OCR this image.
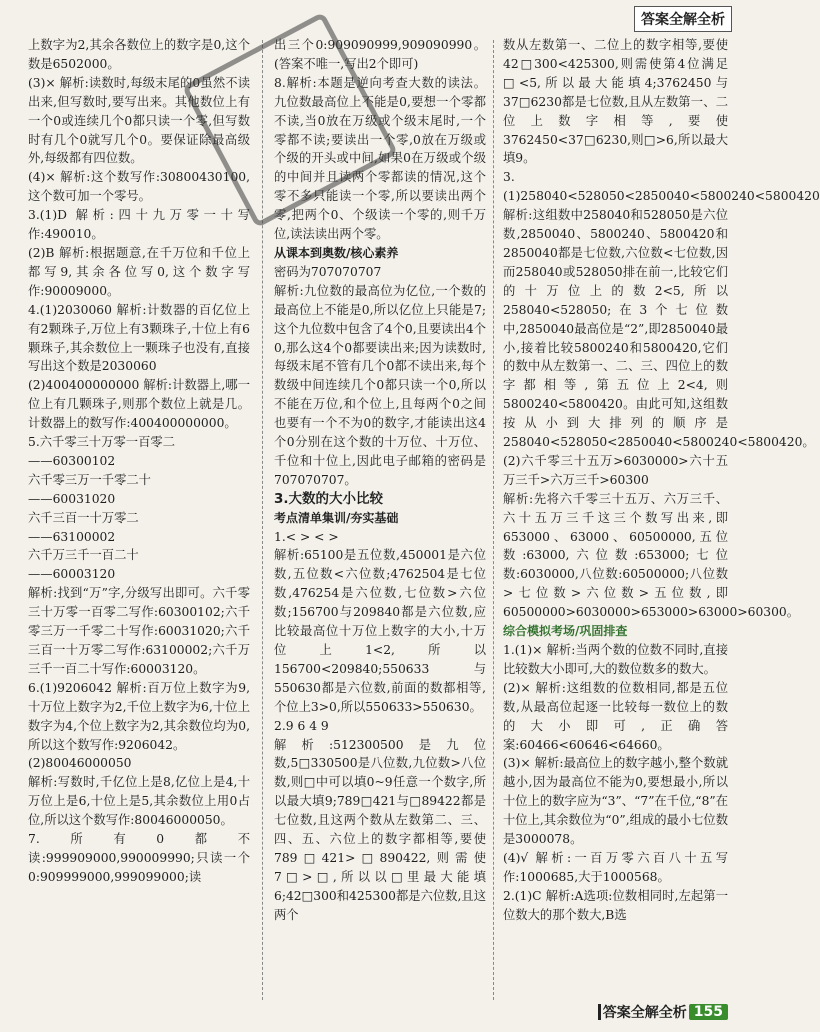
答案全解全析

上数字为2,其余各数位上的数字是0,这个数是6502000。

(3)× 解析:读数时,每级末尾的0虽然不读出来,但写数时,要写出来。其他数位上有一个0或连续几个0都只读一个零,但写数时有几个0就写几个0。要保证除最高级外,每级都有四位数。

(4)× 解析:这个数写作:30800430100,这个数可加一个零号。

3.(1)D 解析:四十九万零一十写作:490010。

(2)B 解析:根据题意,在千万位和千位上都写9,其余各位写0,这个数字写作:90009000。

4.(1)2030060 解析:计数器的百亿位上有2颗珠子,万位上有3颗珠子,十位上有6颗珠子,其余数位上一颗珠子也没有,直接写出这个数是2030060

(2)400400000000 解析:计数器上,哪一位上有几颗珠子,则那个数位上就是几。计数器上的数写作:400400000000。

5.六千零三十万零一百零二

——60300102

六千零三万一千零二十

——60031020

六千三百一十万零二

——63100002

六千万三千一百二十

——60003120

解析:找到“万”字,分级写出即可。六千零三十万零一百零二写作:60300102;六千零三万一千零二十写作:60031020;六千三百一十万零二写作:63100002;六千万三千一百二十写作:60003120。

6.(1)9206042 解析:百万位上数字为9,十万位上数字为2,千位上数字为6,十位上数字为4,个位上数字为2,其余数位均为0,所以这个数写作:9206042。

(2)80046000050

解析:写数时,千亿位上是8,亿位上是4,十万位上是6,十位上是5,其余数位上用0占位,所以这个数写作:80046000050。

7.所有0都不读:999909000,990009990;只读一个0:909999000,999099000;读

出三个0:909090999,909090990。(答案不唯一,写出2个即可)

8.解析:本题是逆向考查大数的读法。九位数最高位上不能是0,要想一个零都不读,当0放在万级或个级末尾时,一个零都不读;要读出一个零,0放在万级或个级的开头或中间,如果0在万级或个级的中间并且读两个零都读的情况,这个零不多只能读一个零,所以要读出两个零,把两个0、个级读一个零的,则千万位,读法读出两个零。

从课本到奥数/核心素养

密码为707070707

解析:九位数的最高位为亿位,一个数的最高位上不能是0,所以亿位上只能是7;这个九位数中包含了4个0,且要读出4个0,那么这4个0都要读出来;因为读数时,每级末尾不管有几个0都不读出来,每个数级中间连续几个0都只读一个0,所以不能在万位,和个位上,且每两个0之间也要有一个不为0的数字,才能读出这4个0分别在这个数的十万位、十万位、千位和十位上,因此电子邮箱的密码是707070707。

3.大数的大小比较

考点清单集训/夯实基础

1.< > < >

解析:65100是五位数,450001是六位数,五位数<六位数;4762504是七位数,476254是六位数,七位数>六位数;156700与209840都是六位数,应比较最高位十万位上数字的大小,十万位上1<2,所以156700<209840;550633与550630都是六位数,前面的数都相等,个位上3>0,所以550633>550630。

2.9 6 4 9

解析:512300500是九位数,5□330500是八位数,九位数>八位数,则□中可以填0~9任意一个数字,所以最大填9;789□421与□89422都是七位数,且这两个数从左数第二、三、四、五、六位上的数字都相等,要使789□421>□890422,则需使7□>□,所以以□里最大能填6;42□300和425300都是六位数,且这两个

数从左数第一、二位上的数字相等,要使42□300<425300,则需使第4位满足□<5,所以最大能填4;3762450与37□6230都是七位数,且从左数第一、二位上数字相等,要使3762450<37□6230,则□>6,所以最大填9。

3.(1)258040<528050<2850040<5800240<5800420

解析:这组数中258040和528050是六位数,2850040、5800240、5800420和2850040都是七位数,六位数<七位数,因而258040或528050排在前一,比较它们的十万位上的数2<5,所以258040<528050;在3个七位数中,2850040最高位是“2”,即2850040最小,接着比较5800240和5800420,它们的数中从左数第一、二、三、四位上的数字都相等,第五位上2<4,则5800240<5800420。由此可知,这组数按从小到大排列的顺序是258040<528050<2850040<5800240<5800420。

(2)六千零三十五万>6030000>六十五万三千>六万三千>60300

解析:先将六千零三十五万、六万三千、六十五万三千这三个数写出来,即653000、63000、60500000,五位数:63000,六位数:653000;七位数:6030000,八位数:60500000;八位数>七位数>六位数>五位数,即60500000>6030000>653000>63000>60300。

综合模拟考场/巩固排查

1.(1)× 解析:当两个数的位数不同时,直接比较数大小即可,大的数位数多的数大。

(2)× 解析:这组数的位数相同,都是五位数,从最高位起逐一比较每一数位上的数的大小即可,正确答案:60466<60646<64660。

(3)× 解析:最高位上的数字越小,整个数就越小,因为最高位不能为0,要想最小,所以十位上的数字应为“3”、“7”在千位,“8”在十位上,其余数位为“0”,组成的最小七位数是3000078。

(4)√ 解析:一百万零六百八十五写作:1000685,大于1000568。

2.(1)C 解析:A选项:位数相同时,左起第一位数大的那个数大,B选

答案全解全析 155
